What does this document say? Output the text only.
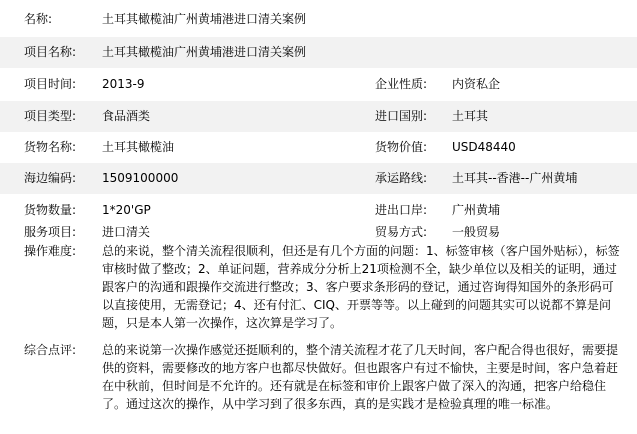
名称:	土耳其橄榄油广州黄埔港进口清关案例
项目名称: 土耳其橄榄油广州黄埔港进口清关案例
项目时间: 2013-9	企业性质: 内资私企
项目类型: 食品酒类	进口国别: 土耳其
货物名称: 土耳其橄榄油	货物价值: USD48440
海边编码: 1509100000	承运路线: 土耳其--香港--广州黄埔
货物数量: 1*20'GP	进出口岸: 广州黄埔
服务项目: 进口清关	贸易方式: 一般贸易
操作难度: 总的来说，整个清关流程很顺利，但还是有几个方面的问题：1、标签审核（客户国外贴标），标签审核时做了整改；2、单证问题，营养成分分析上21项检测不全，缺少单位以及相关的证明，通过跟客户的沟通和跟操作交流进行整改；3、客户要求条形码的登记，通过咨询得知国外的条形码可以直接使用，无需登记；4、还有付汇、CIQ、开票等等。以上碰到的问题其实可以说都不算是问题，只是本人第一次操作，这次算是学习了。
综合点评: 总的来说第一次操作感觉还挺顺利的，整个清关流程才花了几天时间，客户配合得也很好，需要提供的资料，需要修改的地方客户也都尽快做好。但也跟客户有过不愉快，主要是时间，客户急着赶在中秋前，但时间是不允许的。还有就是在标签和审价上跟客户做了深入的沟通，把客户给稳住了。通过这次的操作，从中学习到了很多东西，真的是实践才是检验真理的唯一标准。
